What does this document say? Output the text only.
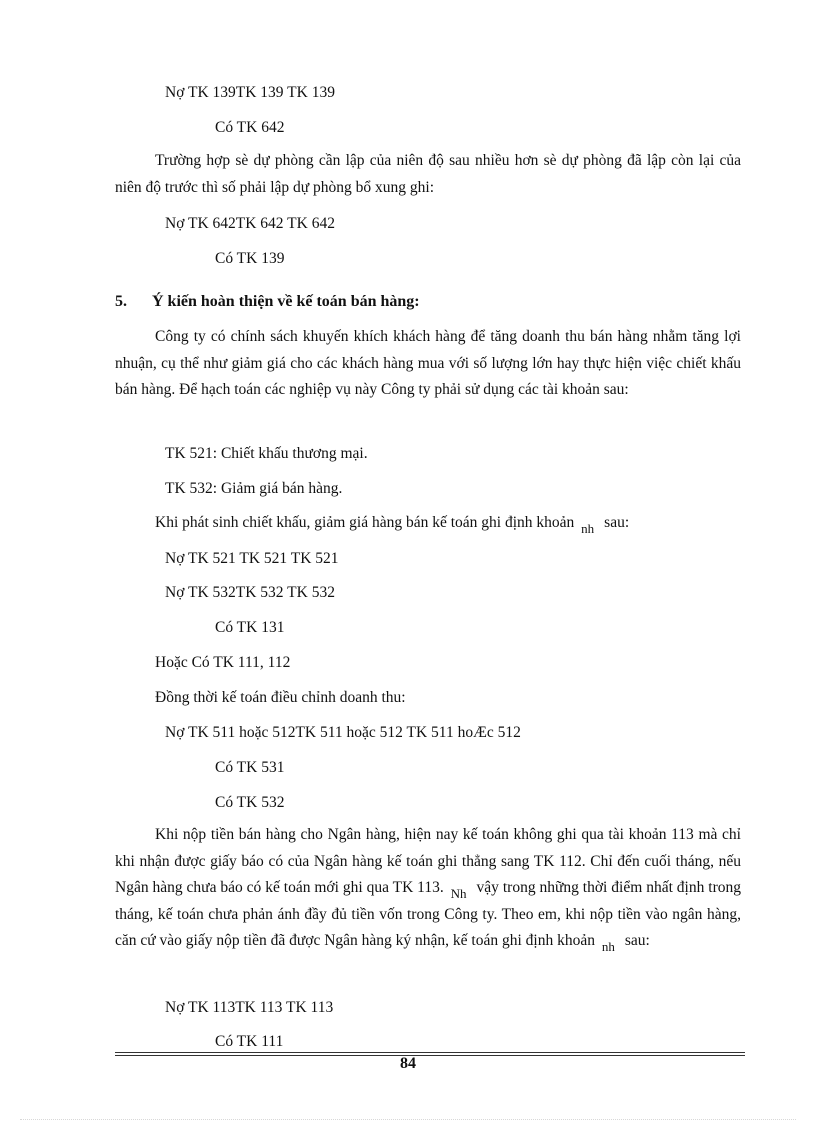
Nợ TK 139TK 139 TK 139
Có TK 642
Trường hợp sè dự phòng cần lập của niên độ sau nhiều hơn sè dự phòng đã lập còn lại của niên độ trước thì số phải lập dự phòng bổ xung ghi:
Nợ TK 642TK 642 TK 642
Có TK 139
5. Ý kiến hoàn thiện về kế toán bán hàng:
Công ty có chính sách khuyến khích khách hàng để tăng doanh thu bán hàng nhằm tăng lợi nhuận, cụ thể như giảm giá cho các khách hàng mua với số lượng lớn hay thực hiện việc chiết khấu bán hàng. Để hạch toán các nghiệp vụ này Công ty phải sử dụng các tài khoản sau:
TK 521: Chiết khấu thương mại.
TK 532: Giảm giá bán hàng.
Khi phát sinh chiết khấu, giảm giá hàng bán kế toán ghi định khoản $_{nh}$ sau:
Nợ TK 521 TK 521 TK 521
Nợ TK 532TK 532 TK 532
Có TK 131
Hoặc Có TK 111, 112
Đồng thời kế toán điều chỉnh doanh thu:
Nợ TK 511 hoặc 512TK 511 hoặc 512 TK 511 hoÆc 512
Có TK 531
Có TK 532
Khi nộp tiền bán hàng cho Ngân hàng, hiện nay kế toán không ghi qua tài khoản 113 mà chỉ khi nhận được giấy báo có của Ngân hàng kế toán ghi thẳng sang TK 112. Chỉ đến cuối tháng, nếu Ngân hàng chưa báo có kế toán mới ghi qua TK 113. $_{Nh}$ vậy trong những thời điểm nhất định trong tháng, kế toán chưa phản ánh đầy đủ tiền vốn trong Công ty. Theo em, khi nộp tiền vào ngân hàng, căn cứ vào giấy nộp tiền đã được Ngân hàng ký nhận, kế toán ghi định khoản $_{nh}$ sau:
Nợ TK 113TK 113 TK 113
Có TK 111
84
